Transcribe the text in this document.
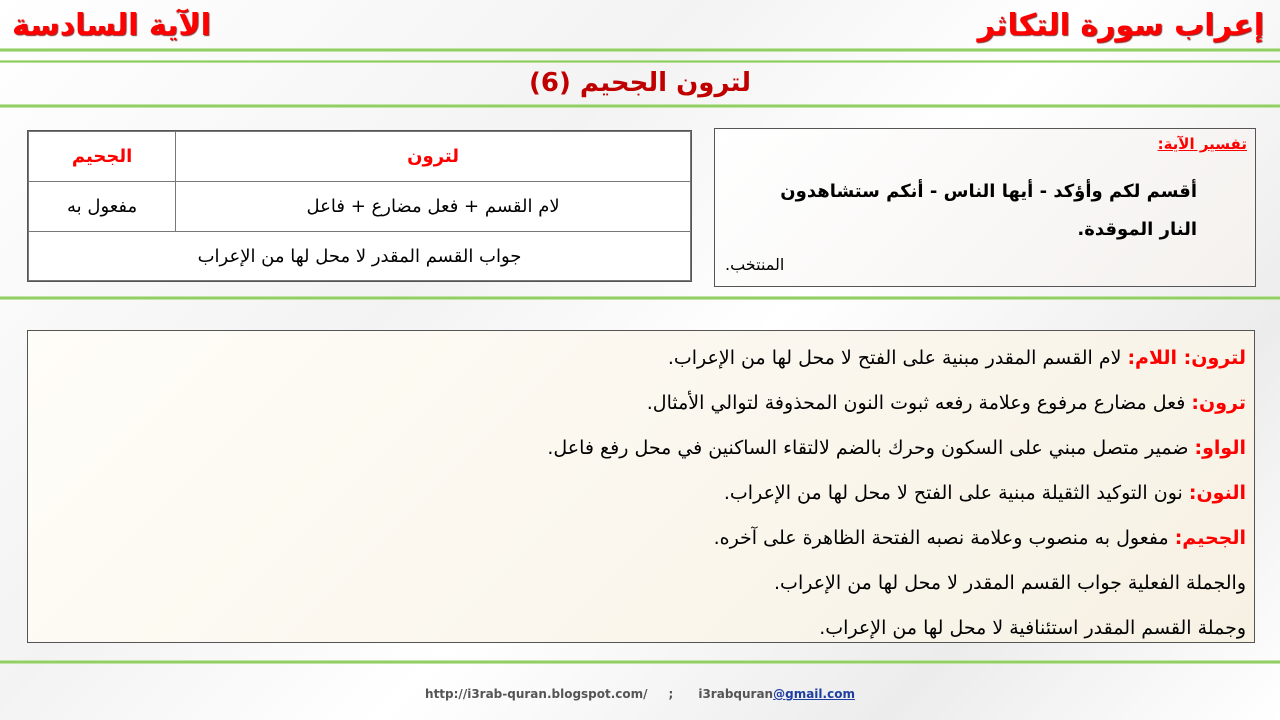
إعراب سورة التكاثر
الآية السادسة
لترون الجحيم (6)
لترون	الجحيم
لام القسم + فعل مضارع + فاعل	مفعول به
جواب القسم المقدر لا محل لها من الإعراب	
تفسير الآية:
أقسم لكم وأؤكد - أيها الناس - أنكم ستشاهدون النار الموقدة.
المنتخب.
لترون: اللام: لام القسم المقدر مبنية على الفتح لا محل لها من الإعراب.
ترون: فعل مضارع مرفوع وعلامة رفعه ثبوت النون المحذوفة لتوالي الأمثال.
الواو: ضمير متصل مبني على السكون وحرك بالضم لالتقاء الساكنين في محل رفع فاعل.
النون: نون التوكيد الثقيلة مبنية على الفتح لا محل لها من الإعراب.
الجحيم: مفعول به منصوب وعلامة نصبه الفتحة الظاهرة على آخره.
والجملة الفعلية جواب القسم المقدر لا محل لها من الإعراب.
وجملة القسم المقدر استئنافية لا محل لها من الإعراب.
http://i3rab-quran.blogspot.com/ ; i3rabquran@gmail.com
